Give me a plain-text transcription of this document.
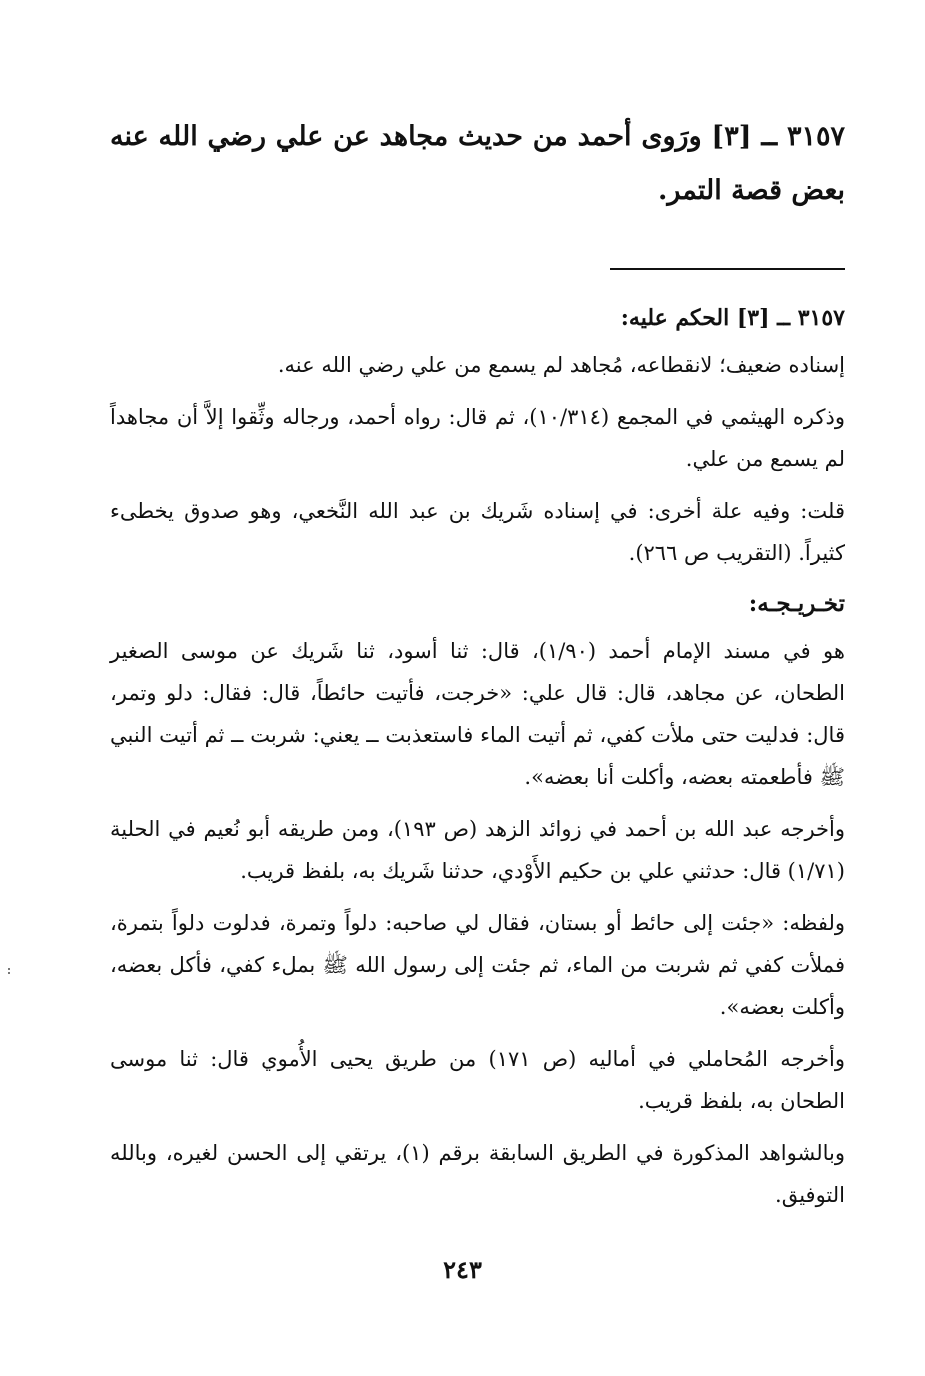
٣١٥٧ ــ [٣] ورَوى أحمد من حديث مجاهد عن علي رضي الله عنه بعض قصة التمر.

٣١٥٧ ــ [٣] الحكم عليه:

إسناده ضعيف؛ لانقطاعه، مُجاهد لم يسمع من علي رضي الله عنه.

وذكره الهيثمي في المجمع (١٠/٣١٤)، ثم قال: رواه أحمد، ورجاله وثِّقوا إلاَّ أن مجاهداً لم يسمع من علي.

قلت: وفيه علة أخرى: في إسناده شَريك بن عبد الله النَّخعي، وهو صدوق يخطىء كثيراً. (التقريب ص ٢٦٦).

تخـريـجـه:

هو في مسند الإمام أحمد (١/٩٠)، قال: ثنا أسود، ثنا شَريك عن موسى الصغير الطحان، عن مجاهد، قال: قال علي: «خرجت، فأتيت حائطاً، قال: فقال: دلو وتمر، قال: فدليت حتى ملأت كفي، ثم أتيت الماء فاستعذبت ــ يعني: شربت ــ ثم أتيت النبي ﷺ فأطعمته بعضه، وأكلت أنا بعضه».

وأخرجه عبد الله بن أحمد في زوائد الزهد (ص ١٩٣)، ومن طريقه أبو نُعيم في الحلية (١/٧١) قال: حدثني علي بن حكيم الأَوْدي، حدثنا شَريك به، بلفظ قريب.

ولفظه: «جئت إلى حائط أو بستان، فقال لي صاحبه: دلواً وتمرة، فدلوت دلواً بتمرة، فملأت كفي ثم شربت من الماء، ثم جئت إلى رسول الله ﷺ بملء كفي، فأكل بعضه، وأكلت بعضه».

وأخرجه المُحاملي في أماليه (ص ١٧١) من طريق يحيى الأُموي قال: ثنا موسى الطحان به، بلفظ قريب.

وبالشواهد المذكورة في الطريق السابقة برقم (١)، يرتقي إلى الحسن لغيره، وبالله التوفيق.

٢٤٣
